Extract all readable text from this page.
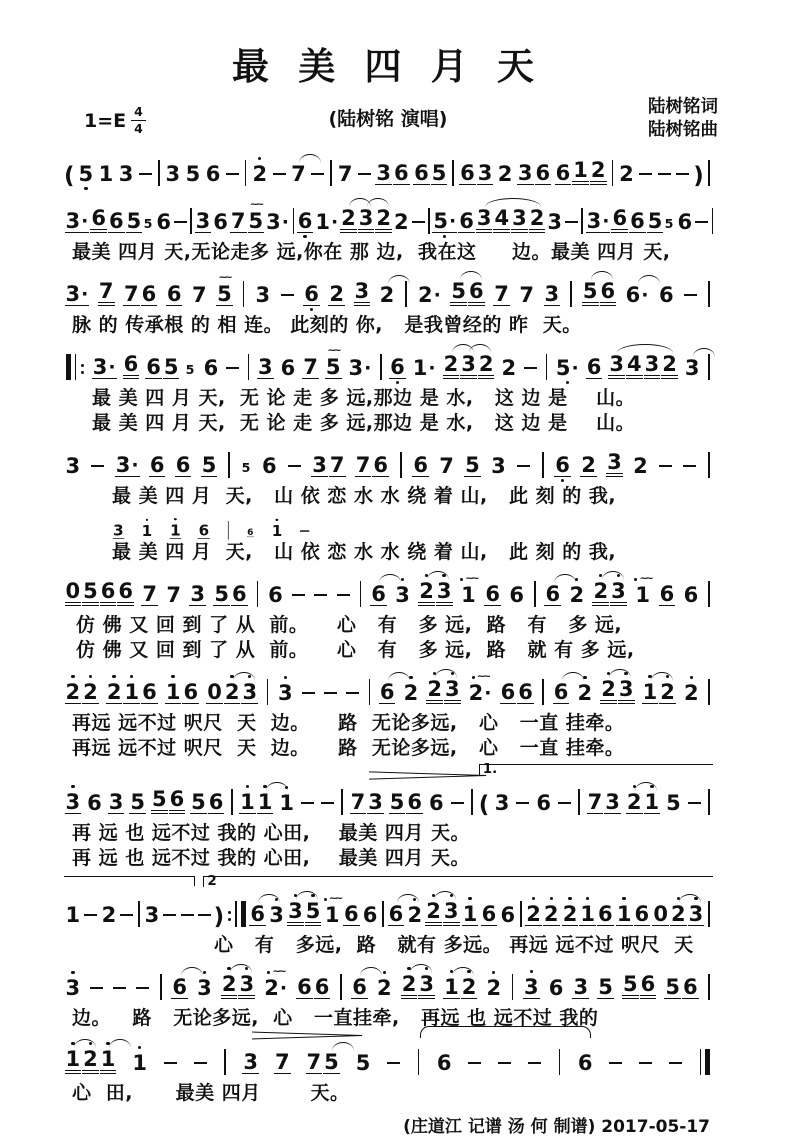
最 美 四 月 天
$1=E \frac{4}{4}$	(陆树铭 演唱)
陆树铭词
陆树铭曲
( 5 1 3 3 5 6 2 7 7 3 6 6 5 6 3 2 3 6 6 1 2 2	)
3 · 6 6 5 5 6 3 6 7
~~
5 3 · 6 1 · 2 3 2 2 5 · 6 3 4 3 2 3 3 · 6 6 5 5 6
最美 四月 天,无论走多 远,你在 那 边,  我在这     边。最美 四月 天,
3 · 7 7 6 6 7
~~
5 3 6 2 3 2 2 · 5 6 7 7 3 5 6 6 · 6
脉 的 传承根 的 相 连。 此刻的 你,   是我曾经的 昨  天。
3 · 6 6 5 5 6 3 6 7
~~
5 3 · 6 1 · 2 3 2 2 5 · 6 3 4 3 2 3
最 美 四 月 天,  无 论 走 多 远,那边 是 水,   这 边 是    山。
最 美 四 月 天,  无 论 走 多 远,那边 是 水,   这 边 是    山。
3 3 · 6 6 5 5 6 3 7 7 6 6 7 5 3 6 2 3 2
最 美 四 月  天,   山 依 恋 水 水 绕 着 山,   此 刻 的 我,
3 1 1 6 6 1
最 美 四 月  天,   山 依 恋 水 水 绕 着 山,   此 刻 的 我,
0 5 6 6 7 7 3 5 6 6	6 3 2 3
~~
1 6 6 6 2 2 3
~~
1 6 6
仿 佛 又 回 到 了 从  前。    心   有   多 远,  路   有   多 远,
仿 佛 又 回 到 了 从  前。    心   有   多 远,  路   就 有 多 远,
2 2 2 1 6 1 6 0 2 3 3	6 2 2 3
~~
2 · 6 6 6 2 2 3 1 2 2
再远 远不过 呎尺  天  边。    路  无论多远,   心   一直 挂牵。
再远 远不过 呎尺  天  边。    路  无论多远,   心   一直 挂牵。
1.
3 6 3 5 5 6 5 6 1 1 1	7 3 5 6 6 ( 3 6 7 3 2 1 5
再 远 也 远不过 我的 心田,    最美 四月 天。
再 远 也 远不过 我的 心田,    最美 四月 天。
2
1 2 3 ) 6 3 3 5
~~
1 6 6 6 2 2 3 1 6 6 2 2 2 1 6 1 6 0 2 3
心   有   多远,  路   就有 多远。 再远 远不过 呎尺  天
3	6 3 2 3
~~
2 · 6 6 6 2 2 3 1 2 2 3 6 3 5 5 6 5 6
边。   路   无论多远,  心   一直挂牵,   再远 也 远不过 我的
1 2 1 1	3 7 7 5 5	6	6
心  田,      最美 四月       天。
(庄道江 记谱 汤 何 制谱) 2017-05-17
